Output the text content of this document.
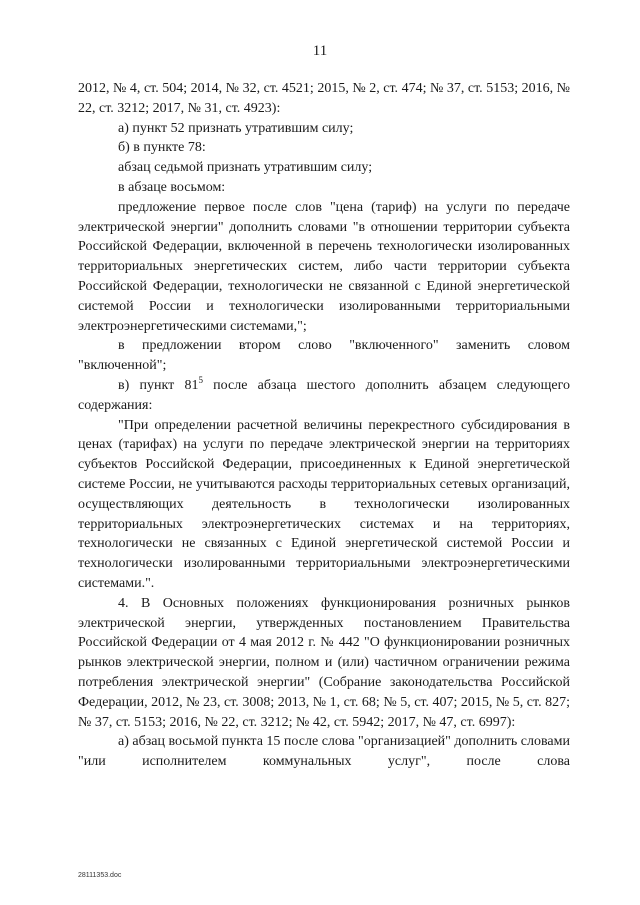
11

2012, № 4, ст. 504; 2014, № 32, ст. 4521; 2015, № 2, ст. 474; № 37, ст. 5153; 2016, № 22, ст. 3212; 2017, № 31, ст. 4923):

а) пункт 52 признать утратившим силу;

б) в пункте 78:

абзац седьмой признать утратившим силу;

в абзаце восьмом:

предложение первое после слов "цена (тариф) на услуги по передаче электрической энергии" дополнить словами "в отношении территории субъекта Российской Федерации, включенной в перечень технологически изолированных территориальных энергетических систем, либо части территории субъекта Российской Федерации, технологически не связанной с Единой энергетической системой России и технологически изолированными территориальными электроэнергетическими системами,";

в предложении втором слово "включенного" заменить словом "включенной";

в) пункт $81^5$ после абзаца шестого дополнить абзацем следующего содержания:

"При определении расчетной величины перекрестного субсидирования в ценах (тарифах) на услуги по передаче электрической энергии на территориях субъектов Российской Федерации, присоединенных к Единой энергетической системе России, не учитываются расходы территориальных сетевых организаций, осуществляющих деятельность в технологически изолированных территориальных электроэнергетических системах и на территориях, технологически не связанных с Единой энергетической системой России и технологически изолированными территориальными электроэнергетическими системами.".

4. В Основных положениях функционирования розничных рынков электрической энергии, утвержденных постановлением Правительства Российской Федерации от 4 мая 2012 г. № 442 "О функционировании розничных рынков электрической энергии, полном и (или) частичном ограничении режима потребления электрической энергии" (Собрание законодательства Российской Федерации, 2012, № 23, ст. 3008; 2013, № 1, ст. 68; № 5, ст. 407; 2015, № 5, ст. 827; № 37, ст. 5153; 2016, № 22, ст. 3212; № 42, ст. 5942; 2017, № 47, ст. 6997):

а) абзац восьмой пункта 15 после слова "организацией" дополнить словами "или исполнителем коммунальных услуг", после слова

28111353.doc
